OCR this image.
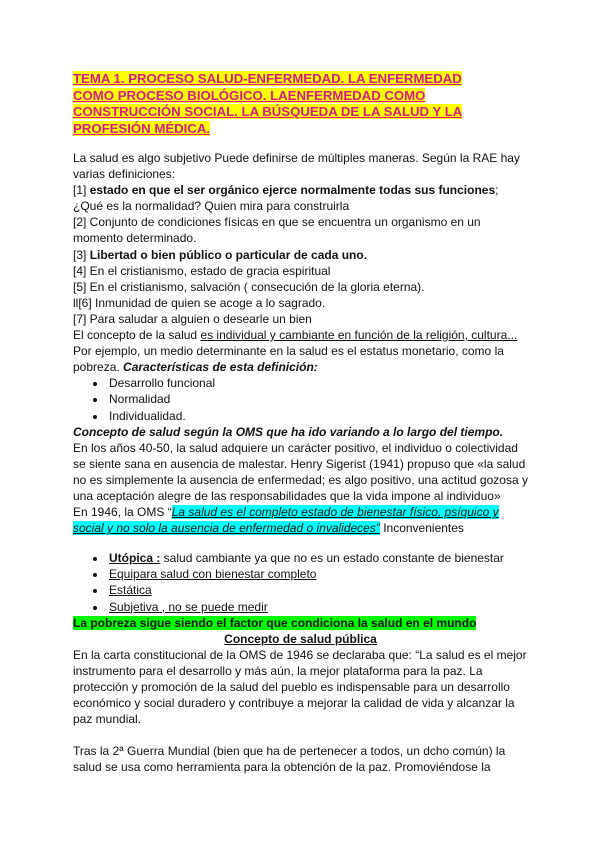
TEMA 1. PROCESO SALUD-ENFERMEDAD. LA ENFERMEDAD
COMO PROCESO BIOLÓGICO. LAENFERMEDAD COMO
CONSTRUCCIÓN SOCIAL. LA BÚSQUEDA DE LA SALUD Y LA
PROFESIÓN MÉDICA.

La salud es algo subjetivo Puede definirse de múltiples maneras. Según la RAE hay varias definiciones:

[1] estado en que el ser orgánico ejerce normalmente todas sus funciones;

¿Qué es la normalidad? Quien mira para construirla

[2] Conjunto de condiciones físicas en que se encuentra un organismo en un momento determinado.

[3] Libertad o bien público o particular de cada uno.

[4] En el cristianismo, estado de gracia espiritual

[5] En el cristianismo, salvación ( consecución de la gloria eterna).

ll[6] Inmunidad de quien se acoge a lo sagrado.

[7] Para saludar a alguien o desearle un bien

El concepto de la salud es individual y cambiante en función de la religión, cultura...

Por ejemplo, un medio determinante en la salud es el estatus monetario, como la pobreza. Características de esta definición:

• Desarrollo funcional
• Normalidad
• Individualidad.

Concepto de salud según la OMS que ha ido variando a lo largo del tiempo.

En los años 40-50, la salud adquiere un carácter positivo, el individuo o colectividad se siente sana en ausencia de malestar. Henry Sigerist (1941) propuso que «la salud no es simplemente la ausencia de enfermedad; es algo positivo, una actitud gozosa y una aceptación alegre de las responsabilidades que la vida impone al individuo»

En 1946, la OMS “La salud es el completo estado de bienestar físico, psíquico y social y no solo la ausencia de enfermedad o invalideces” Inconvenientes

• Utópica : salud cambiante ya que no es un estado constante de bienestar
• Equipara salud con bienestar completo
• Estática
• Subjetiva , no se puede medir

La pobreza sigue siendo el factor que condiciona la salud en el mundo

Concepto de salud pública

En la carta constitucional de la OMS de 1946 se declaraba que: “La salud es el mejor instrumento para el desarrollo y más aún, la mejor plataforma para la paz. La protección y promoción de la salud del pueblo es indispensable para un desarrollo económico y social duradero y contribuye a mejorar la calidad de vida y alcanzar la paz mundial.

Tras la 2ª Guerra Mundial (bien que ha de pertenecer a todos, un dcho común) la salud se usa como herramienta para la obtención de la paz. Promoviéndose la
